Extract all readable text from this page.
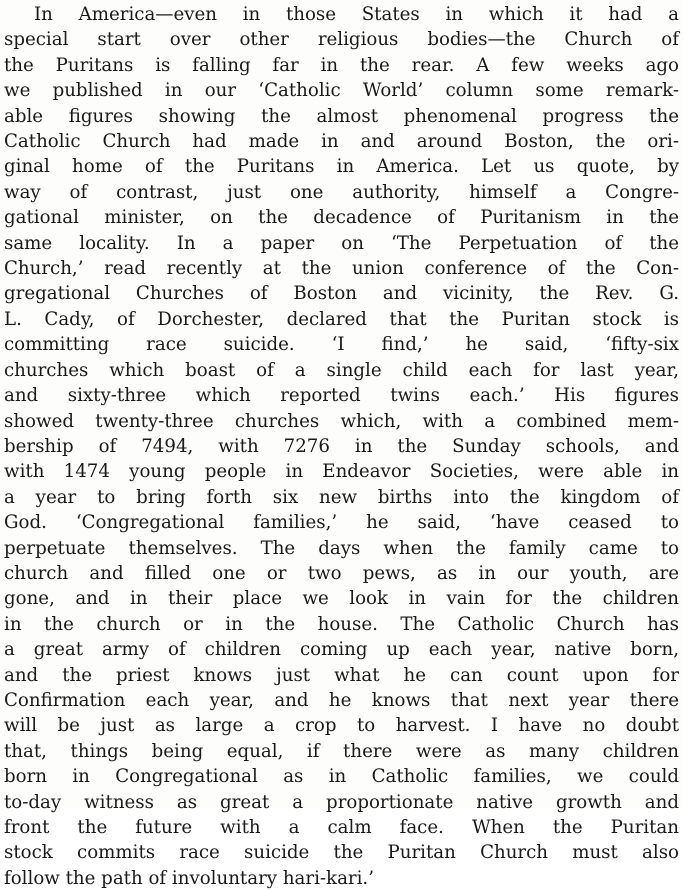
In America—even in those States in which it had a
special start over other religious bodies—the Church of
the Puritans is falling far in the rear. A few weeks ago
we published in our ‘Catholic World’ column some remark-
able figures showing the almost phenomenal progress the
Catholic Church had made in and around Boston, the ori-
ginal home of the Puritans in America. Let us quote, by
way of contrast, just one authority, himself a Congre-
gational minister, on the decadence of Puritanism in the
same locality. In a paper on ‘The Perpetuation of the
Church,’ read recently at the union conference of the Con-
gregational Churches of Boston and vicinity, the Rev. G.
L. Cady, of Dorchester, declared that the Puritan stock is
committing race suicide. ‘I find,’ he said, ‘fifty-six
churches which boast of a single child each for last year,
and sixty-three which reported twins each.’ His figures
showed twenty-three churches which, with a combined mem-
bership of 7494, with 7276 in the Sunday schools, and
with 1474 young people in Endeavor Societies, were able in
a year to bring forth six new births into the kingdom of
God. ‘Congregational families,’ he said, ‘have ceased to
perpetuate themselves. The days when the family came to
church and filled one or two pews, as in our youth, are
gone, and in their place we look in vain for the children
in the church or in the house. The Catholic Church has
a great army of children coming up each year, native born,
and the priest knows just what he can count upon for
Confirmation each year, and he knows that next year there
will be just as large a crop to harvest. I have no doubt
that, things being equal, if there were as many children
born in Congregational as in Catholic families, we could
to-day witness as great a proportionate native growth and
front the future with a calm face. When the Puritan
stock commits race suicide the Puritan Church must also
follow the path of involuntary hari-kari.’
